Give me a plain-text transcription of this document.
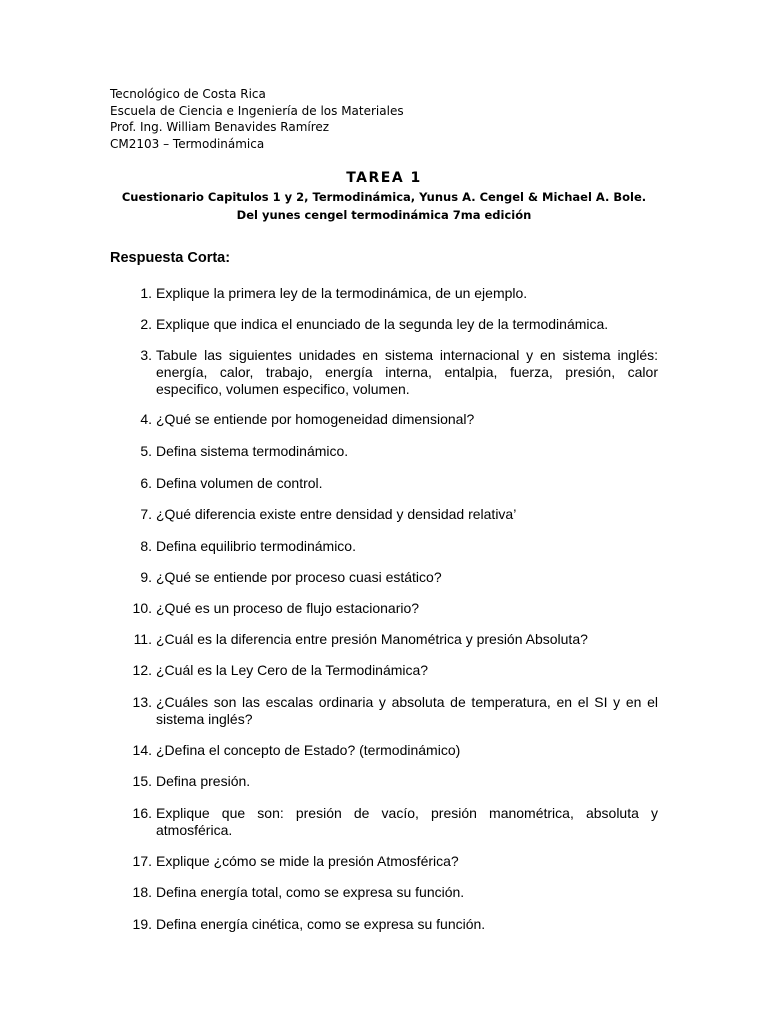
Tecnológico de Costa Rica
Escuela de Ciencia e Ingeniería de los Materiales
Prof. Ing. William Benavides Ramírez
CM2103 – Termodinámica
TAREA 1
Cuestionario Capitulos 1 y 2, Termodinámica, Yunus A. Cengel & Michael A. Bole.
Del yunes cengel termodinámica 7ma edición
Respuesta Corta:
1. Explique la primera ley de la termodinámica, de un ejemplo.
2. Explique que indica el enunciado de la segunda ley de la termodinámica.
3. Tabule las siguientes unidades en sistema internacional y en sistema inglés: energía, calor, trabajo, energía interna, entalpia, fuerza, presión, calor especifico, volumen especifico, volumen.
4. ¿Qué se entiende por homogeneidad dimensional?
5. Defina sistema termodinámico.
6. Defina volumen de control.
7. ¿Qué diferencia existe entre densidad y densidad relativa’
8. Defina equilibrio termodinámico.
9. ¿Qué se entiende por proceso cuasi estático?
10. ¿Qué es un proceso de flujo estacionario?
11. ¿Cuál es la diferencia entre presión Manométrica y presión Absoluta?
12. ¿Cuál es la Ley Cero de la Termodinámica?
13. ¿Cuáles son las escalas ordinaria y absoluta de temperatura, en el SI y en el sistema inglés?
14. ¿Defina el concepto de Estado? (termodinámico)
15. Defina presión.
16. Explique que son: presión de vacío, presión manométrica, absoluta y atmosférica.
17. Explique ¿cómo se mide la presión Atmosférica?
18. Defina energía total, como se expresa su función.
19. Defina energía cinética, como se expresa su función.
